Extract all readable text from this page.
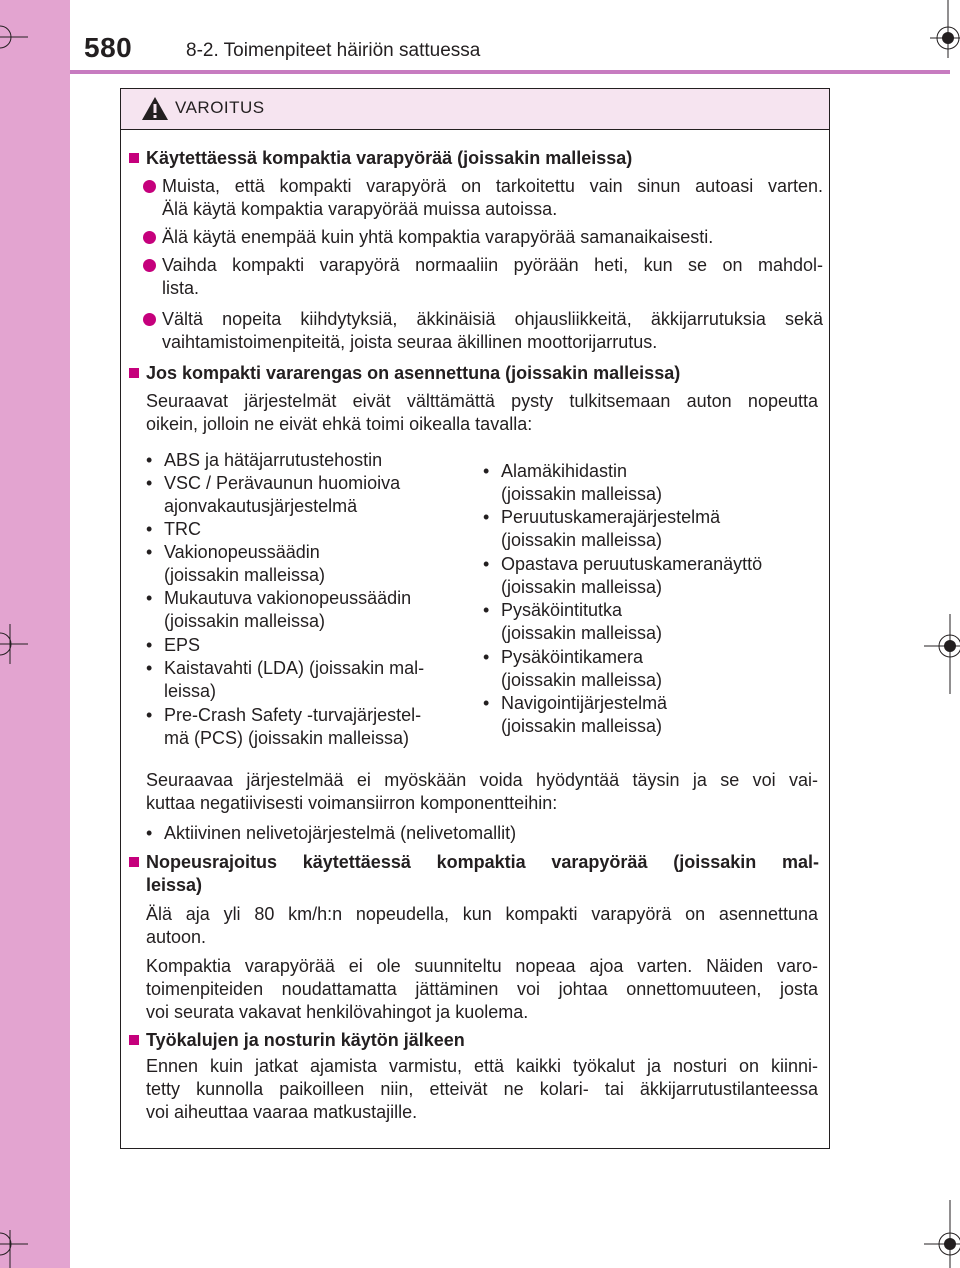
580	8-2. Toimenpiteet häiriön sattuessa
VAROITUS
Käytettäessä kompaktia varapyörää (joissakin malleissa)
Muista, että kompakti varapyörä on tarkoitettu vain sinun autoasi varten.
Älä käytä kompaktia varapyörää muissa autoissa.
Älä käytä enempää kuin yhtä kompaktia varapyörää samanaikaisesti.
Vaihda kompakti varapyörä normaaliin pyörään heti, kun se on mahdol-
lista.
Vältä nopeita kiihdytyksiä, äkkinäisiä ohjausliikkeitä, äkkijarrutuksia sekä
vaihtamistoimenpiteitä, joista seuraa äkillinen moottorijarrutus.
Jos kompakti vararengas on asennettuna (joissakin malleissa)
Seuraavat järjestelmät eivät välttämättä pysty tulkitsemaan auton nopeutta
oikein, jolloin ne eivät ehkä toimi oikealla tavalla:
• ABS ja hätäjarrutustehostin
• VSC / Perävaunun huomioiva
ajonvakautusjärjestelmä
• TRC
• Vakionopeussäädin
(joissakin malleissa)
• Mukautuva vakionopeussäädin
(joissakin malleissa)
• EPS
• Kaistavahti (LDA) (joissakin mal-
leissa)
• Pre-Crash Safety -turvajärjestel-
mä (PCS) (joissakin malleissa)
• Alamäkihidastin
(joissakin malleissa)
• Peruutuskamerajärjestelmä
(joissakin malleissa)
• Opastava peruutuskameranäyttö
(joissakin malleissa)
• Pysäköintitutka
(joissakin malleissa)
• Pysäköintikamera
(joissakin malleissa)
• Navigointijärjestelmä
(joissakin malleissa)
Seuraavaa järjestelmää ei myöskään voida hyödyntää täysin ja se voi vai-
kuttaa negatiivisesti voimansiirron komponentteihin:
• Aktiivinen nelivetojärjestelmä (nelivetomallit)
Nopeusrajoitus käytettäessä kompaktia varapyörää (joissakin mal-
leissa)
Älä aja yli 80 km/h:n nopeudella, kun kompakti varapyörä on asennettuna
autoon.
Kompaktia varapyörää ei ole suunniteltu nopeaa ajoa varten. Näiden varo-
toimenpiteiden noudattamatta jättäminen voi johtaa onnettomuuteen, josta
voi seurata vakavat henkilövahingot ja kuolema.
Työkalujen ja nosturin käytön jälkeen
Ennen kuin jatkat ajamista varmistu, että kaikki työkalut ja nosturi on kiinni-
tetty kunnolla paikoilleen niin, etteivät ne kolari- tai äkkijarrutustilanteessa
voi aiheuttaa vaaraa matkustajille.
